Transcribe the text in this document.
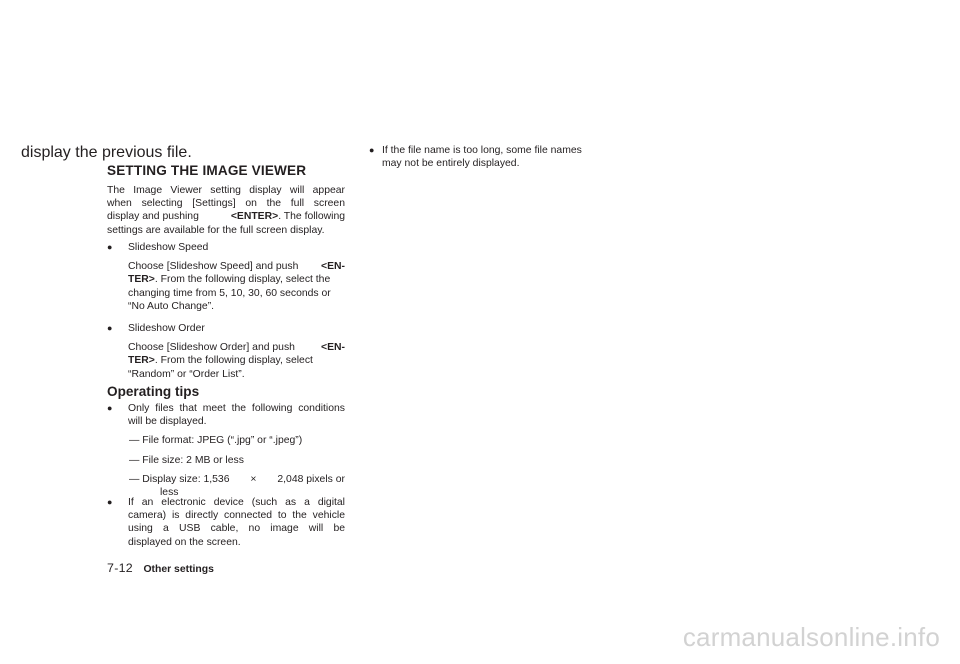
display the previous file.
SETTING THE IMAGE VIEWER
The Image Viewer setting display will appear
when selecting [Settings] on the full screen
display and pushing	<ENTER>. The following
settings are available for the full screen display.
● Slideshow Speed
Choose [Slideshow Speed] and push <EN-
TER>. From the following display, select the
changing time from 5, 10, 30, 60 seconds or
“No Auto Change”.
● Slideshow Order
Choose [Slideshow Order] and push	<EN-
TER>. From the following display, select
“Random” or “Order List”.
Operating tips
● Only files that meet the following conditions
will be displayed.
— File format: JPEG (“.jpg” or “.jpeg”)
— File size: 2 MB or less
— Display size: 1,536 × 2,048 pixels or
less
● If an electronic device (such as a digital
camera) is directly connected to the vehicle
using a USB cable, no image will be
displayed on the screen.
● If the file name is too long, some file names
may not be entirely displayed.
7-12 Other settings
carmanualsonline.info
